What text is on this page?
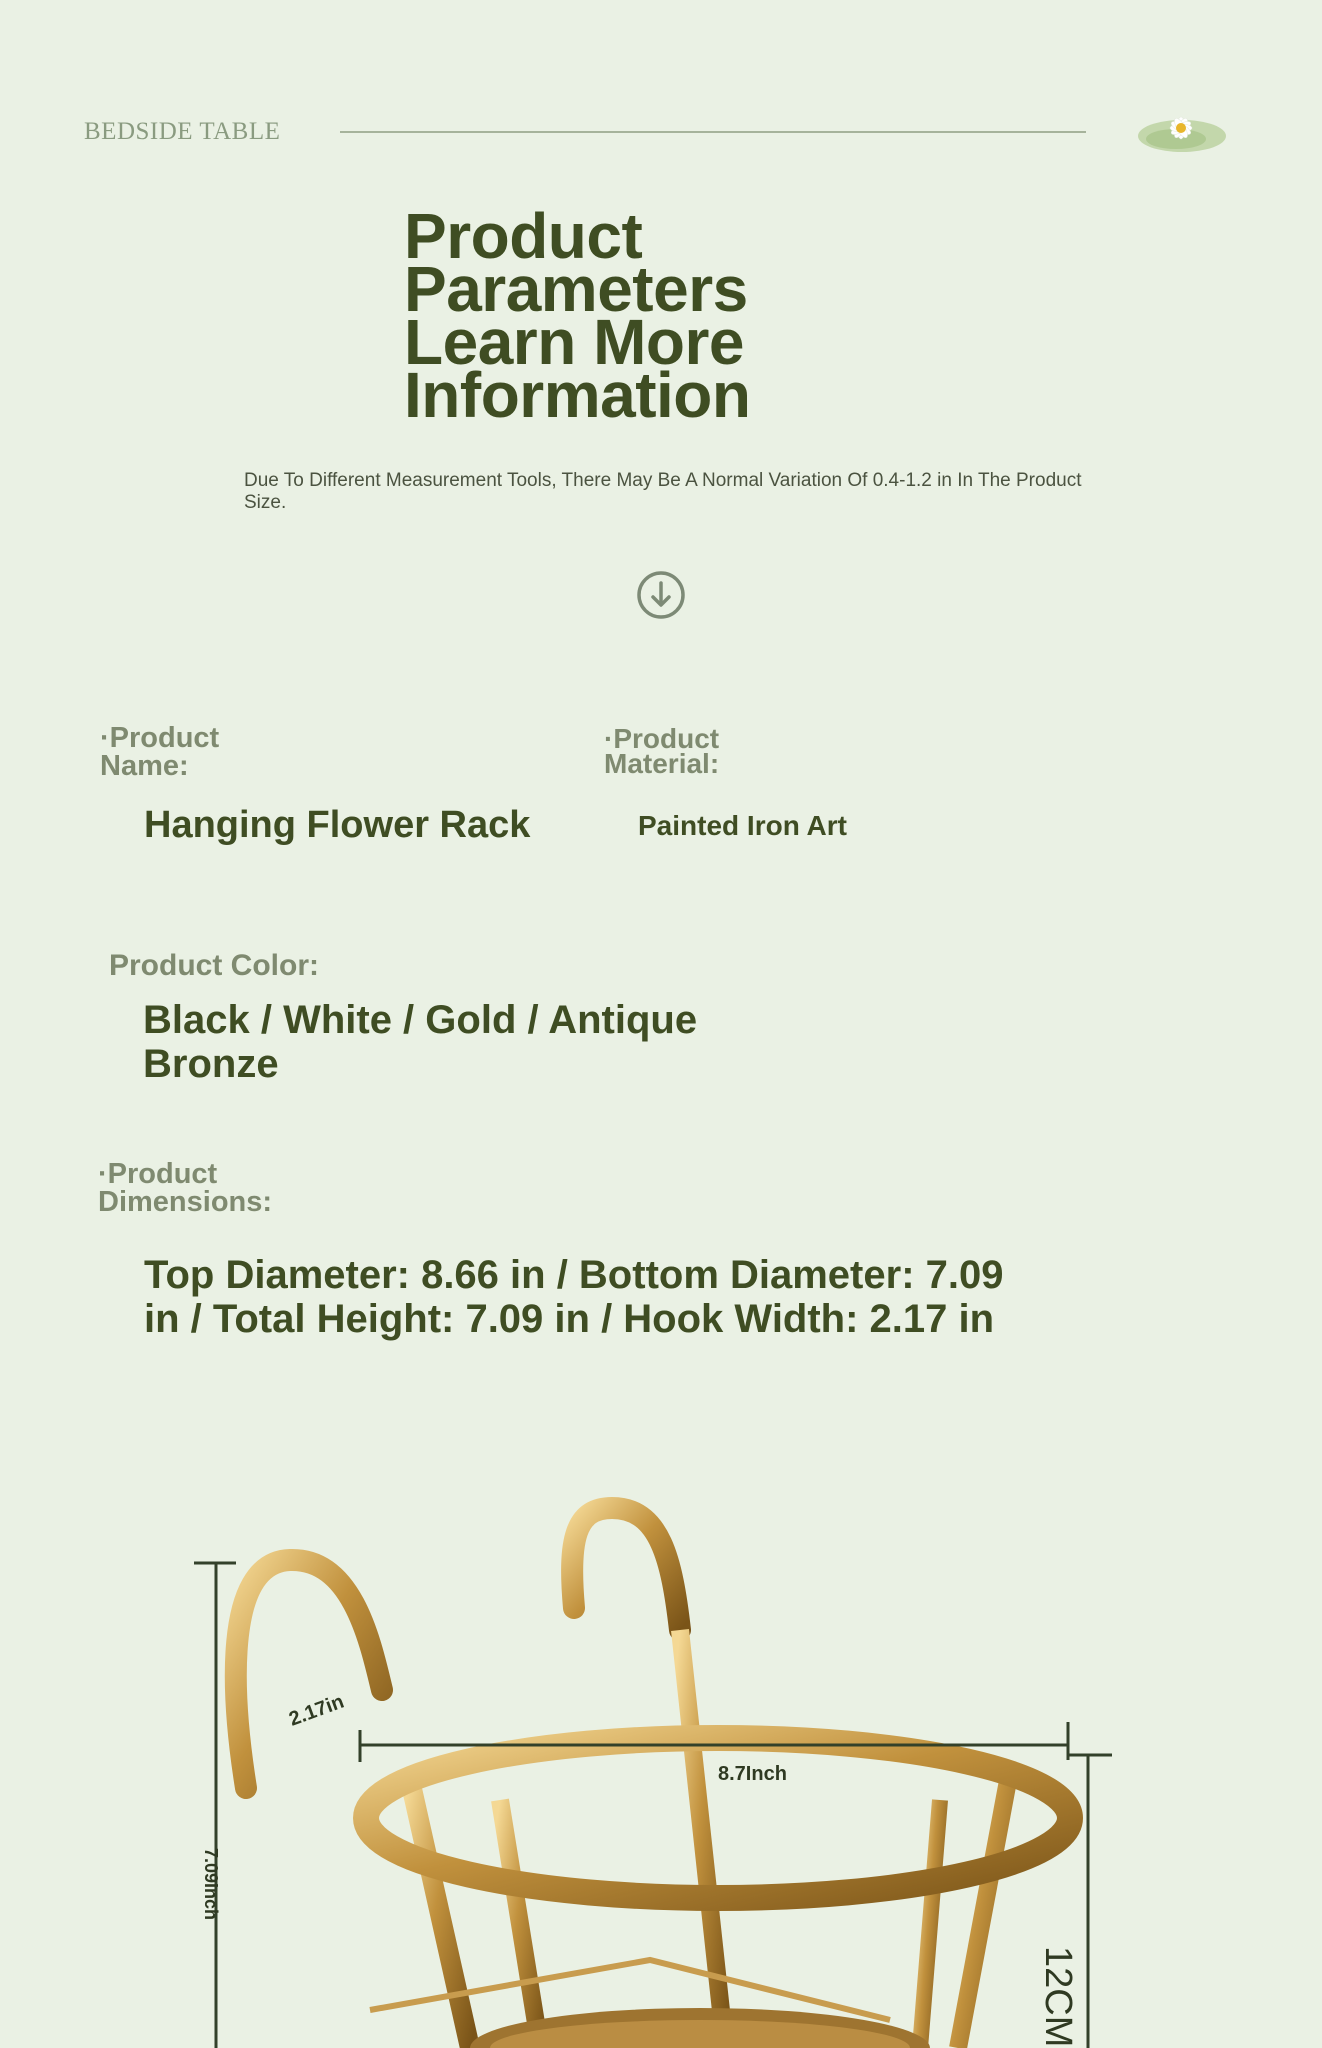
BEDSIDE TABLE
Product
Parameters
Learn More
Information
Due To Different Measurement Tools, There May Be A Normal Variation Of 0.4-1.2 in In The Product Size.
·Product
Name:
Hanging Flower Rack
·Product
Material:
Painted Iron Art
Product Color:
Black / White / Gold / Antique Bronze
·Product
Dimensions:
Top Diameter: 8.66 in / Bottom Diameter: 7.09 in / Total Height: 7.09 in / Hook Width: 2.17 in
2.17in
8.7Inch
7.09Inch
12CM
